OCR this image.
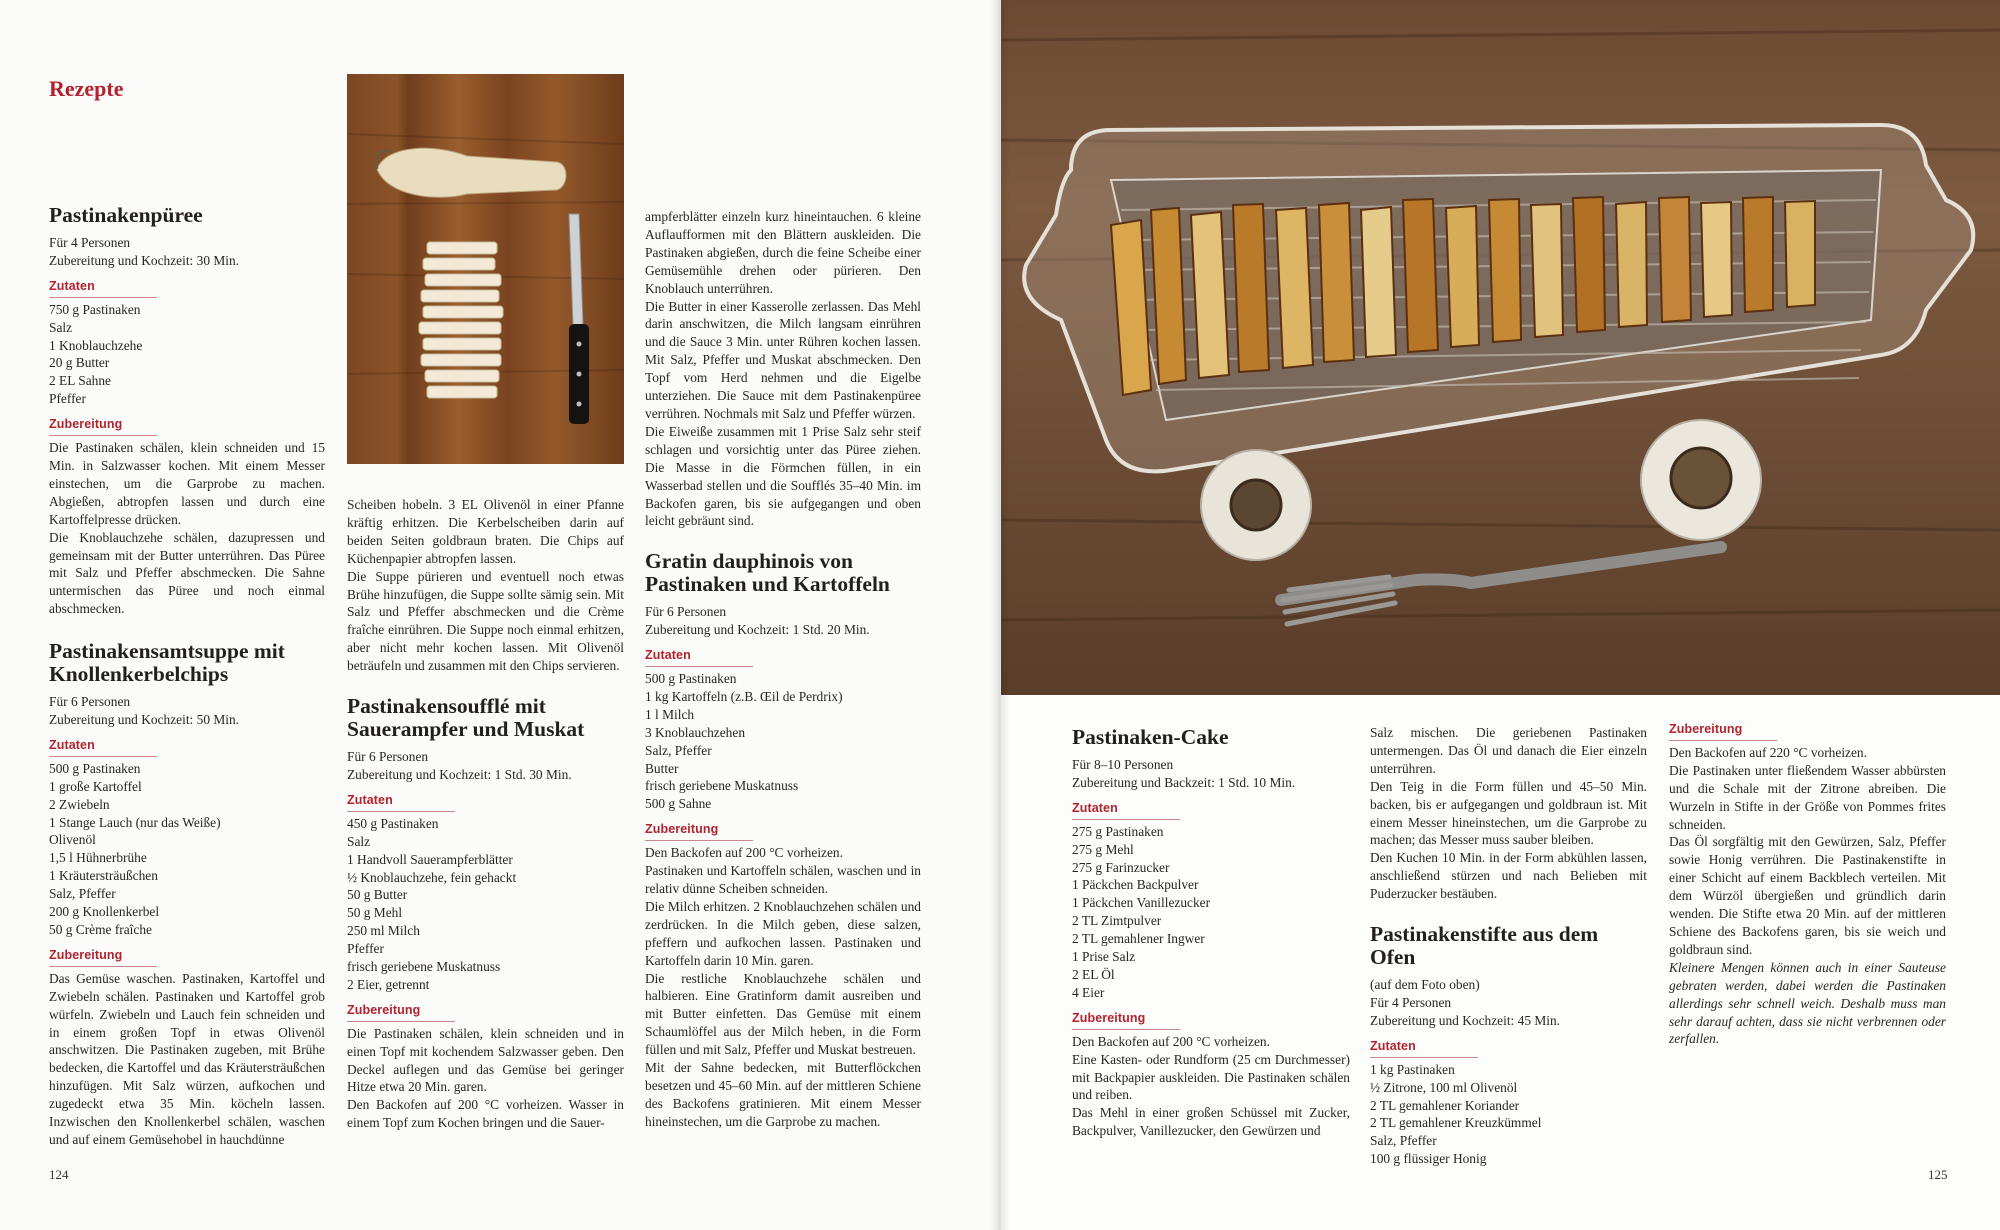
Rezepte
Pastinakenpüree

Für 4 Personen

Zubereitung und Kochzeit: 30 Min.

Zutaten
750 g Pastinaken
Salz
1 Knoblauchzehe
20 g Butter
2 EL Sahne
Pfeffer
Zubereitung

Die Pastinaken schälen, klein schneiden und 15 Min. in Salzwasser kochen. Mit einem Messer einstechen, um die Garprobe zu machen. Abgießen, abtropfen lassen und durch eine Kartoffelpresse drücken.

Die Knoblauchzehe schälen, dazupressen und gemeinsam mit der Butter unterrühren. Das Püree mit Salz und Pfeffer abschmecken. Die Sahne untermischen das Püree und noch einmal abschmecken.

Pastinakensamtsuppe mit Knollenkerbelchips

Für 6 Personen

Zubereitung und Kochzeit: 50 Min.

Zutaten
500 g Pastinaken
1 große Kartoffel
2 Zwiebeln
1 Stange Lauch (nur das Weiße)
Olivenöl
1,5 l Hühnerbrühe
1 Kräutersträußchen
Salz, Pfeffer
200 g Knollenkerbel
50 g Crème fraîche
Zubereitung

Das Gemüse waschen. Pastinaken, Kartoffel und Zwiebeln schälen. Pastinaken und Kartoffel grob würfeln. Zwiebeln und Lauch fein schneiden und in einem großen Topf in etwas Olivenöl anschwitzen. Die Pastinaken zugeben, mit Brühe bedecken, die Kartoffel und das Kräutersträußchen hinzufügen. Mit Salz würzen, aufkochen und zugedeckt etwa 35 Min. köcheln lassen. Inzwischen den Knollenkerbel schälen, waschen und auf einem Gemüsehobel in hauchdünne

Scheiben hobeln. 3 EL Olivenöl in einer Pfanne kräftig erhitzen. Die Kerbelscheiben darin auf beiden Seiten goldbraun braten. Die Chips auf Küchenpapier abtropfen lassen.

Die Suppe pürieren und eventuell noch etwas Brühe hinzufügen, die Suppe sollte sämig sein. Mit Salz und Pfeffer abschmecken und die Crème fraîche einrühren. Die Suppe noch einmal erhitzen, aber nicht mehr kochen lassen. Mit Olivenöl beträufeln und zusammen mit den Chips servieren.

Pastinakensoufflé mit Sauerampfer und Muskat

Für 6 Personen

Zubereitung und Kochzeit: 1 Std. 30 Min.

Zutaten
450 g Pastinaken
Salz
1 Handvoll Sauerampferblätter
½ Knoblauchzehe, fein gehackt
50 g Butter
50 g Mehl
250 ml Milch
Pfeffer
frisch geriebene Muskatnuss
2 Eier, getrennt
Zubereitung

Die Pastinaken schälen, klein schneiden und in einen Topf mit kochendem Salzwasser geben. Den Deckel auflegen und das Gemüse bei geringer Hitze etwa 20 Min. garen.

Den Backofen auf 200 °C vorheizen. Wasser in einem Topf zum Kochen bringen und die Sauer-

ampferblätter einzeln kurz hineintauchen. 6 kleine Auflaufformen mit den Blättern auskleiden. Die Pastinaken abgießen, durch die feine Scheibe einer Gemüsemühle drehen oder pürieren. Den Knoblauch unterrühren.

Die Butter in einer Kasserolle zerlassen. Das Mehl darin anschwitzen, die Milch langsam einrühren und die Sauce 3 Min. unter Rühren kochen lassen. Mit Salz, Pfeffer und Muskat abschmecken. Den Topf vom Herd nehmen und die Eigelbe unterziehen. Die Sauce mit dem Pastinakenpüree verrühren. Nochmals mit Salz und Pfeffer würzen.

Die Eiweiße zusammen mit 1 Prise Salz sehr steif schlagen und vorsichtig unter das Püree ziehen. Die Masse in die Förmchen füllen, in ein Wasserbad stellen und die Soufflés 35–40 Min. im Backofen garen, bis sie aufgegangen und oben leicht gebräunt sind.

Gratin dauphinois von Pastinaken und Kartoffeln

Für 6 Personen

Zubereitung und Kochzeit: 1 Std. 20 Min.

Zutaten
500 g Pastinaken
1 kg Kartoffeln (z.B. Œil de Perdrix)
1 l Milch
3 Knoblauchzehen
Salz, Pfeffer
Butter
frisch geriebene Muskatnuss
500 g Sahne
Zubereitung

Den Backofen auf 200 °C vorheizen.

Pastinaken und Kartoffeln schälen, waschen und in relativ dünne Scheiben schneiden.

Die Milch erhitzen. 2 Knoblauchzehen schälen und zerdrücken. In die Milch geben, diese salzen, pfeffern und aufkochen lassen. Pastinaken und Kartoffeln darin 10 Min. garen.

Die restliche Knoblauchzehe schälen und halbieren. Eine Gratinform damit ausreiben und mit Butter einfetten. Das Gemüse mit einem Schaumlöffel aus der Milch heben, in die Form füllen und mit Salz, Pfeffer und Muskat bestreuen.

Mit der Sahne bedecken, mit Butterflöckchen besetzen und 45–60 Min. auf der mittleren Schiene des Backofens gratinieren. Mit einem Messer hineinstechen, um die Garprobe zu machen.

124
Pastinaken-Cake

Für 8–10 Personen

Zubereitung und Backzeit: 1 Std. 10 Min.

Zutaten
275 g Pastinaken
275 g Mehl
275 g Farinzucker
1 Päckchen Backpulver
1 Päckchen Vanillezucker
2 TL Zimtpulver
2 TL gemahlener Ingwer
1 Prise Salz
2 EL Öl
4 Eier
Zubereitung

Den Backofen auf 200 °C vorheizen.

Eine Kasten- oder Rundform (25 cm Durchmesser) mit Backpapier auskleiden. Die Pastinaken schälen und reiben.

Das Mehl in einer großen Schüssel mit Zucker, Backpulver, Vanillezucker, den Gewürzen und

Salz mischen. Die geriebenen Pastinaken untermengen. Das Öl und danach die Eier einzeln unterrühren.

Den Teig in die Form füllen und 45–50 Min. backen, bis er aufgegangen und goldbraun ist. Mit einem Messer hineinstechen, um die Garprobe zu machen; das Messer muss sauber bleiben.

Den Kuchen 10 Min. in der Form abkühlen lassen, anschließend stürzen und nach Belieben mit Puderzucker bestäuben.

Pastinakenstifte aus dem Ofen

(auf dem Foto oben)

Für 4 Personen

Zubereitung und Kochzeit: 45 Min.

Zutaten
1 kg Pastinaken
½ Zitrone, 100 ml Olivenöl
2 TL gemahlener Koriander
2 TL gemahlener Kreuzkümmel
Salz, Pfeffer
100 g flüssiger Honig
Zubereitung

Den Backofen auf 220 °C vorheizen.

Die Pastinaken unter fließendem Wasser abbürsten und die Schale mit der Zitrone abreiben. Die Wurzeln in Stifte in der Größe von Pommes frites schneiden.

Das Öl sorgfältig mit den Gewürzen, Salz, Pfeffer sowie Honig verrühren. Die Pastinakenstifte in einer Schicht auf einem Backblech verteilen. Mit dem Würzöl übergießen und gründlich darin wenden. Die Stifte etwa 20 Min. auf der mittleren Schiene des Backofens garen, bis sie weich und goldbraun sind.

Kleinere Mengen können auch in einer Sauteuse gebraten werden, dabei werden die Pastinaken allerdings sehr schnell weich. Deshalb muss man sehr darauf achten, dass sie nicht verbrennen oder zerfallen.

125
